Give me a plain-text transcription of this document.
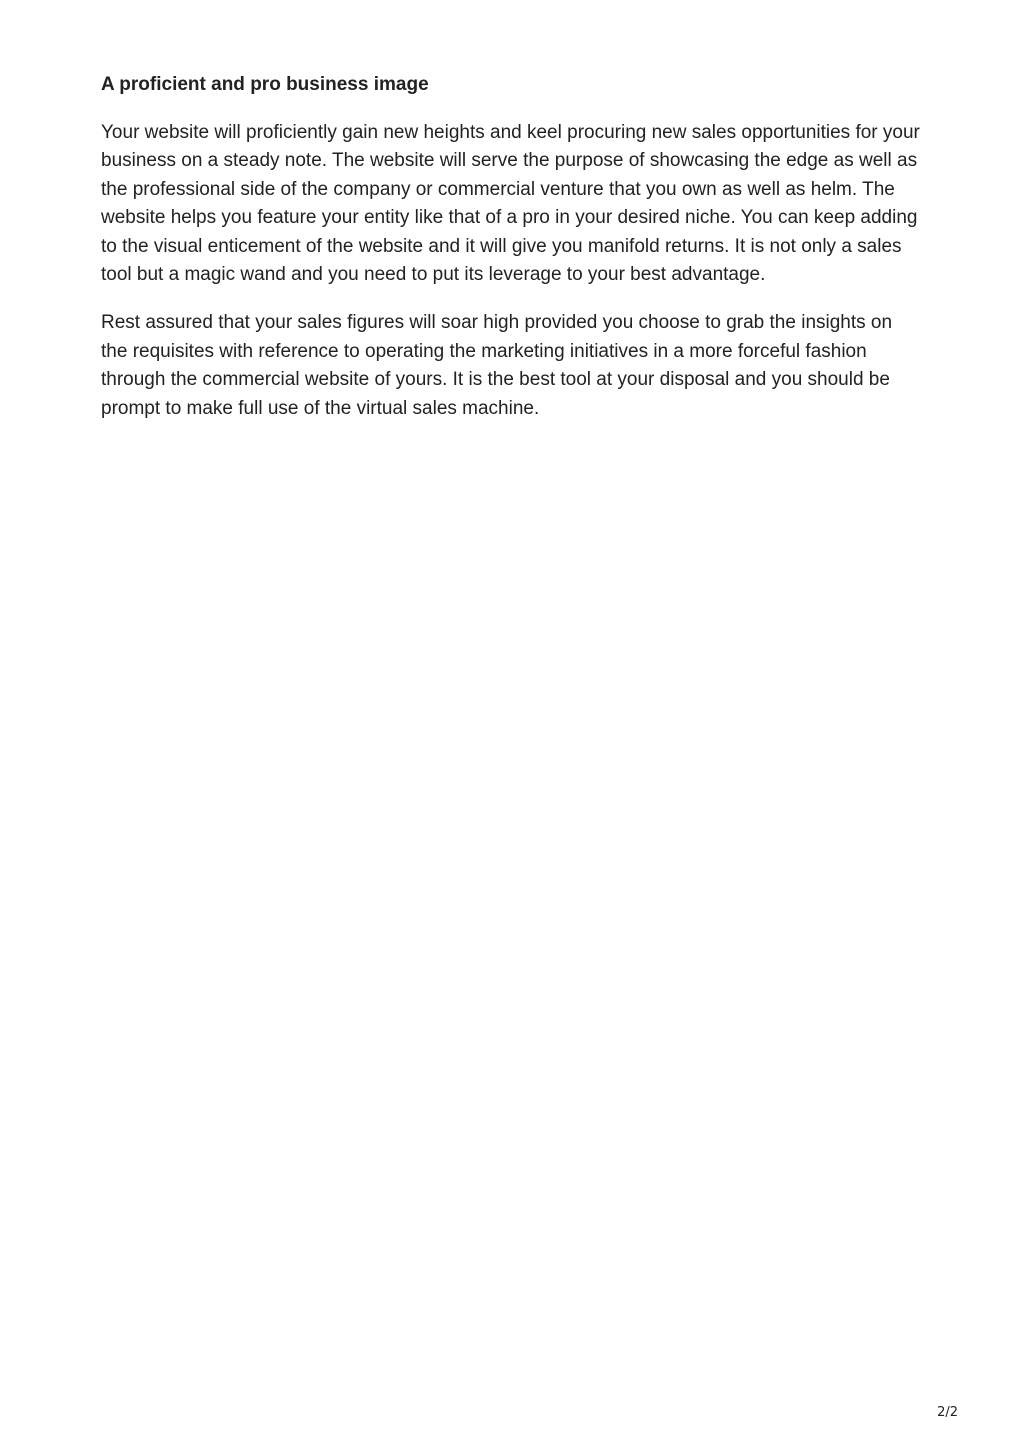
A proficient and pro business image

Your website will proficiently gain new heights and keel procuring new sales opportunities for your business on a steady note. The website will serve the purpose of showcasing the edge as well as the professional side of the company or commercial venture that you own as well as helm. The website helps you feature your entity like that of a pro in your desired niche. You can keep adding to the visual enticement of the website and it will give you manifold returns. It is not only a sales tool but a magic wand and you need to put its leverage to your best advantage.

Rest assured that your sales figures will soar high provided you choose to grab the insights on the requisites with reference to operating the marketing initiatives in a more forceful fashion through the commercial website of yours. It is the best tool at your disposal and you should be prompt to make full use of the virtual sales machine.

2/2
